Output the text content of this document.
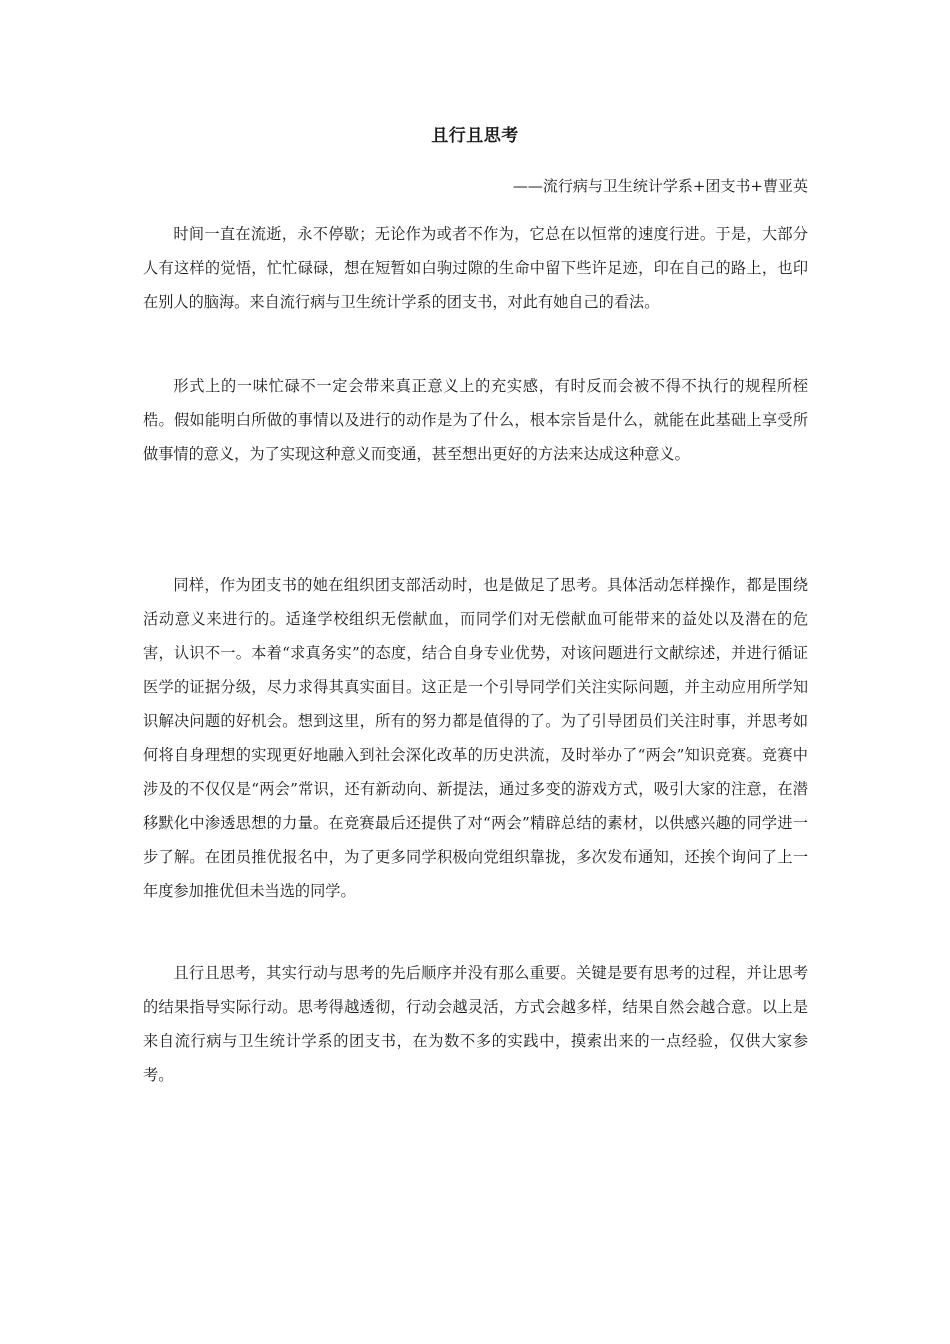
且行且思考

——流行病与卫生统计学系+团支书+曹亚英

时间一直在流逝，永不停歇；无论作为或者不作为，它总在以恒常的速度行进。于是，大部分人有这样的觉悟，忙忙碌碌，想在短暂如白驹过隙的生命中留下些许足迹，印在自己的路上，也印在别人的脑海。来自流行病与卫生统计学系的团支书，对此有她自己的看法。

形式上的一味忙碌不一定会带来真正意义上的充实感，有时反而会被不得不执行的规程所桎梏。假如能明白所做的事情以及进行的动作是为了什么，根本宗旨是什么，就能在此基础上享受所做事情的意义，为了实现这种意义而变通，甚至想出更好的方法来达成这种意义。

同样，作为团支书的她在组织团支部活动时，也是做足了思考。具体活动怎样操作，都是围绕活动意义来进行的。适逢学校组织无偿献血，而同学们对无偿献血可能带来的益处以及潜在的危害，认识不一。本着“求真务实”的态度，结合自身专业优势，对该问题进行文献综述，并进行循证医学的证据分级，尽力求得其真实面目。这正是一个引导同学们关注实际问题，并主动应用所学知识解决问题的好机会。想到这里，所有的努力都是值得的了。为了引导团员们关注时事，并思考如何将自身理想的实现更好地融入到社会深化改革的历史洪流，及时举办了“两会”知识竞赛。竞赛中涉及的不仅仅是“两会”常识，还有新动向、新提法，通过多变的游戏方式，吸引大家的注意，在潜移默化中渗透思想的力量。在竞赛最后还提供了对“两会”精辟总结的素材，以供感兴趣的同学进一步了解。在团员推优报名中，为了更多同学积极向党组织靠拢，多次发布通知，还挨个询问了上一年度参加推优但未当选的同学。

且行且思考，其实行动与思考的先后顺序并没有那么重要。关键是要有思考的过程，并让思考的结果指导实际行动。思考得越透彻，行动会越灵活，方式会越多样，结果自然会越合意。以上是来自流行病与卫生统计学系的团支书，在为数不多的实践中，摸索出来的一点经验，仅供大家参考。
